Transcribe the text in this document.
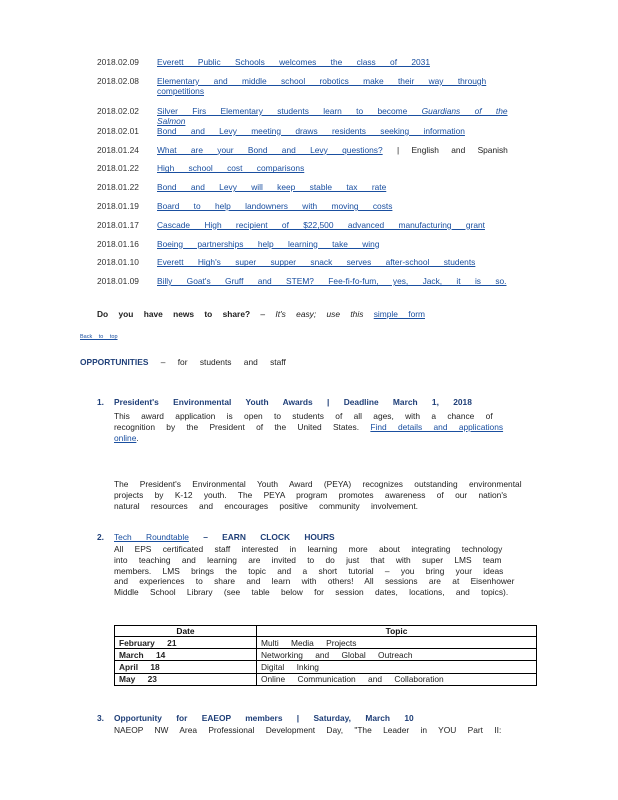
2018.02.09	Everett Public Schools welcomes the class of 2031
2018.02.08	Elementary and middle school robotics make their way through competitions
2018.02.02	Silver Firs Elementary students learn to become Guardians of the Salmon
2018.02.01	Bond and Levy meeting draws residents seeking information
2018.01.24	What are your Bond and Levy questions? | English and Spanish
2018.01.22	High school cost comparisons
2018.01.22	Bond and Levy will keep stable tax rate
2018.01.19	Board to help landowners with moving costs
2018.01.17	Cascade High recipient of $22,500 advanced manufacturing grant
2018.01.16	Boeing partnerships help learning take wing
2018.01.10	Everett High's super supper snack serves after-school students
2018.01.09	Billy Goat's Gruff and STEM? Fee-fi-fo-fum, yes, Jack, it is so.
Do you have news to share? – It's easy; use this simple form
Back to top
OPPORTUNITIES – for students and staff
1. President's Environmental Youth Awards | Deadline March 1, 2018
This award application is open to students of all ages, with a chance of recognition by the President of the United States. Find details and applications online.
The President's Environmental Youth Award (PEYA) recognizes outstanding environmental projects by K-12 youth. The PEYA program promotes awareness of our nation's natural resources and encourages positive community involvement.
2. Tech Roundtable – EARN CLOCK HOURS
All EPS certificated staff interested in learning more about integrating technology into teaching and learning are invited to do just that with super LMS team members. LMS brings the topic and a short tutorial – you bring your ideas and experiences to share and learn with others! All sessions are at Eisenhower Middle School Library (see table below for session dates, locations, and topics).
Date	Topic
February 21	Multi Media Projects
March 14	Networking and Global Outreach
April 18	Digital Inking
May 23	Online Communication and Collaboration
3. Opportunity for EAEOP members | Saturday, March 10
NAEOP NW Area Professional Development Day, "The Leader in YOU Part II:
